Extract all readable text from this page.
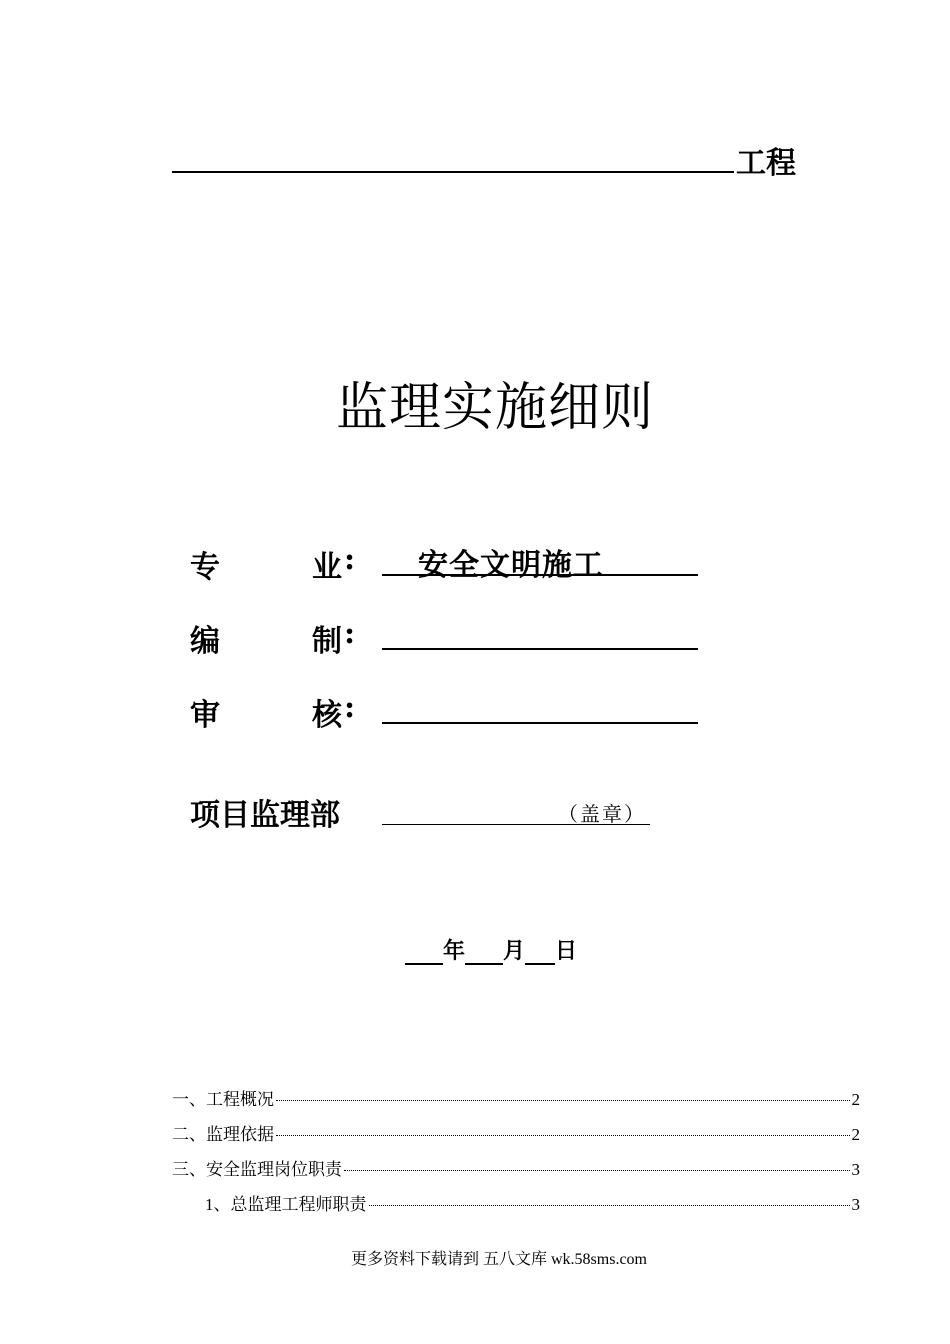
工程
监理实施细则
专	业 : 安全文明施工
编	制 :
审	核 :
项目监理部	（盖章）
年 月 日
一、工程概况	2
二、监理依据	2
三、安全监理岗位职责	3
1、总监理工程师职责	3
更多资料下载请到 五八文库 wk.58sms.com
